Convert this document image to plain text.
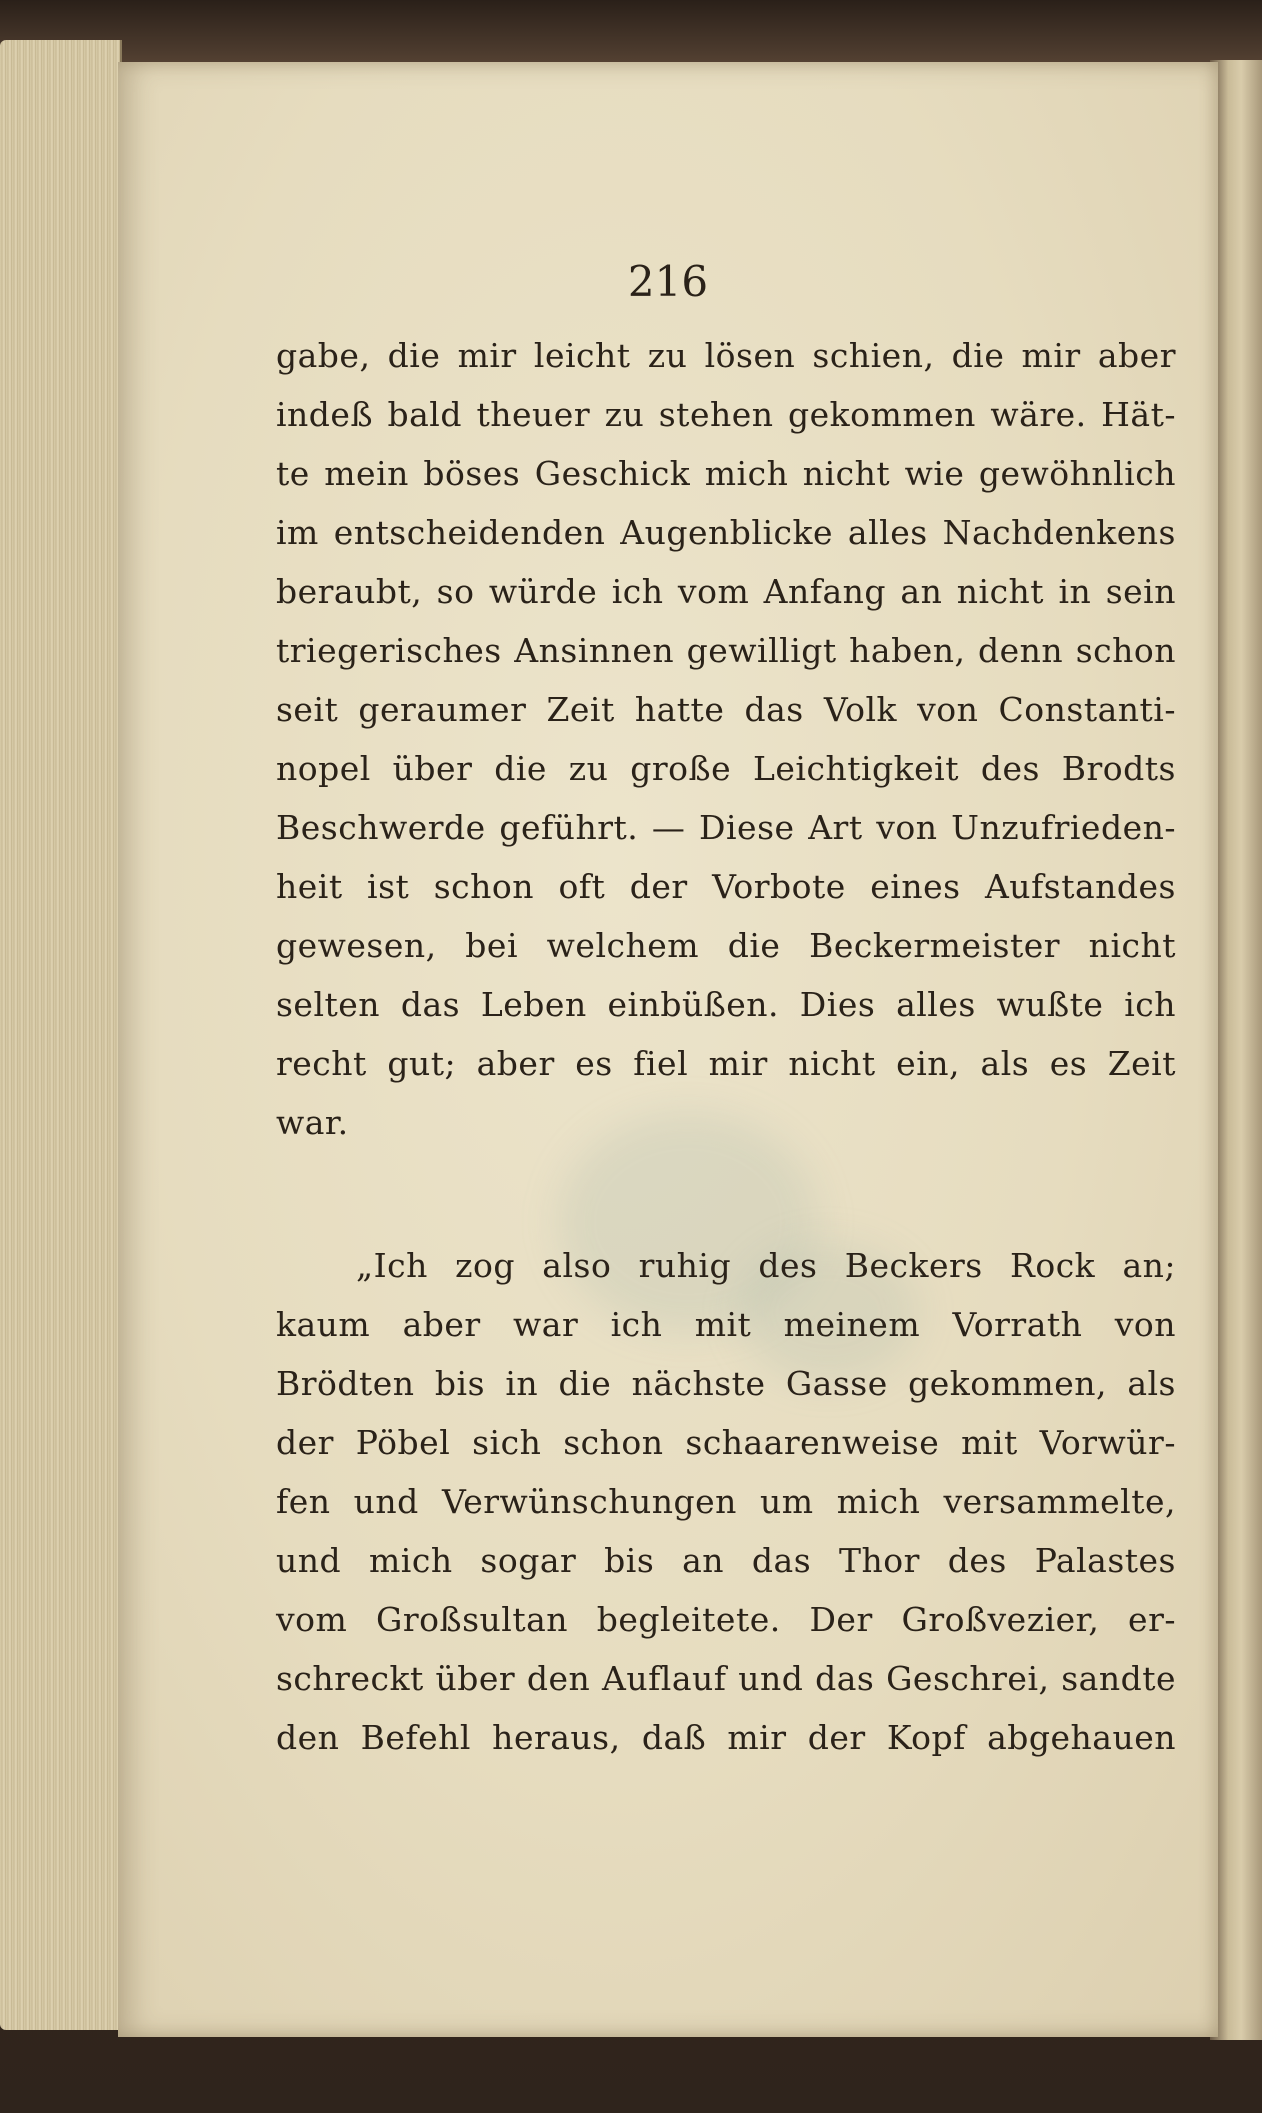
216
gabe, die mir leicht zu lösen schien, die mir aber
indeß bald theuer zu stehen gekommen wäre. Hät-
te mein böses Geschick mich nicht wie gewöhnlich
im entscheidenden Augenblicke alles Nachdenkens
beraubt, so würde ich vom Anfang an nicht in sein
triegerisches Ansinnen gewilligt haben, denn schon
seit geraumer Zeit hatte das Volk von Constanti-
nopel über die zu große Leichtigkeit des Brodts
Beschwerde geführt. — Diese Art von Unzufrieden-
heit ist schon oft der Vorbote eines Aufstandes
gewesen, bei welchem die Beckermeister nicht
selten das Leben einbüßen. Dies alles wußte ich
recht gut; aber es fiel mir nicht ein, als es Zeit
war.
„Ich zog also ruhig des Beckers Rock an;
kaum aber war ich mit meinem Vorrath von
Brödten bis in die nächste Gasse gekommen, als
der Pöbel sich schon schaarenweise mit Vorwür-
fen und Verwünschungen um mich versammelte,
und mich sogar bis an das Thor des Palastes
vom Großsultan begleitete. Der Großvezier, er-
schreckt über den Auflauf und das Geschrei, sandte
den Befehl heraus, daß mir der Kopf abgehauen
